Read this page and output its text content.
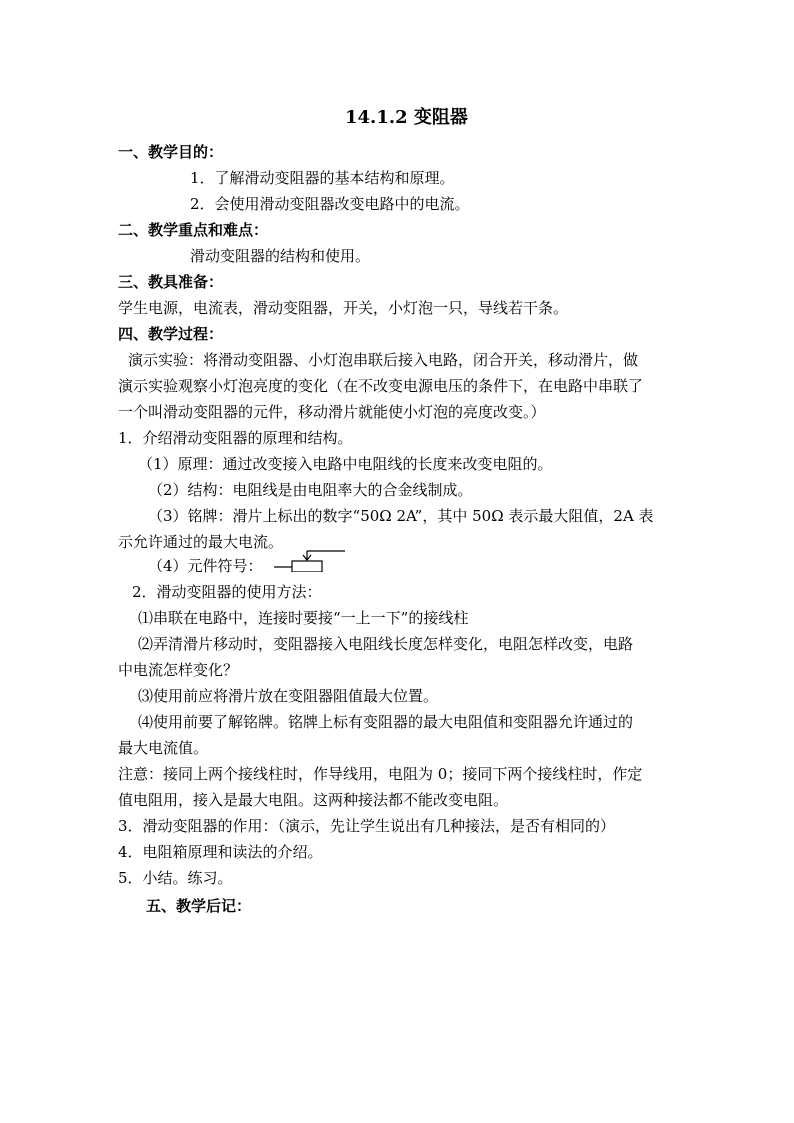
14.1.2 变阻器
一、教学目的：
1．了解滑动变阻器的基本结构和原理。
2．会使用滑动变阻器改变电路中的电流。
二、教学重点和难点：
滑动变阻器的结构和使用。
三、教具准备：
学生电源，电流表，滑动变阻器，开关，小灯泡一只，导线若干条。
四、教学过程：
演示实验：将滑动变阻器、小灯泡串联后接入电路，闭合开关，移动滑片，做
演示实验观察小灯泡亮度的变化（在不改变电源电压的条件下，在电路中串联了
一个叫滑动变阻器的元件，移动滑片就能使小灯泡的亮度改变。）
1．介绍滑动变阻器的原理和结构。
（1）原理：通过改变接入电路中电阻线的长度来改变电阻的。
（2）结构：电阻线是由电阻率大的合金线制成。
（3）铭牌：滑片上标出的数字“50Ω 2A”，其中 50Ω 表示最大阻值，2A 表
示允许通过的最大电流。
（4）元件符号：
2．滑动变阻器的使用方法：
⑴串联在电路中，连接时要接“一上一下”的接线柱
⑵弄清滑片移动时，变阻器接入电阻线长度怎样变化，电阻怎样改变，电路
中电流怎样变化？
⑶使用前应将滑片放在变阻器阻值最大位置。
⑷使用前要了解铭牌。铭牌上标有变阻器的最大电阻值和变阻器允许通过的
最大电流值。
注意：接同上两个接线柱时，作导线用，电阻为 0；接同下两个接线柱时，作定
值电阻用，接入是最大电阻。这两种接法都不能改变电阻。
3．滑动变阻器的作用：（演示，先让学生说出有几种接法，是否有相同的）
4．电阻箱原理和读法的介绍。
5．小结。练习。
五、教学后记：
